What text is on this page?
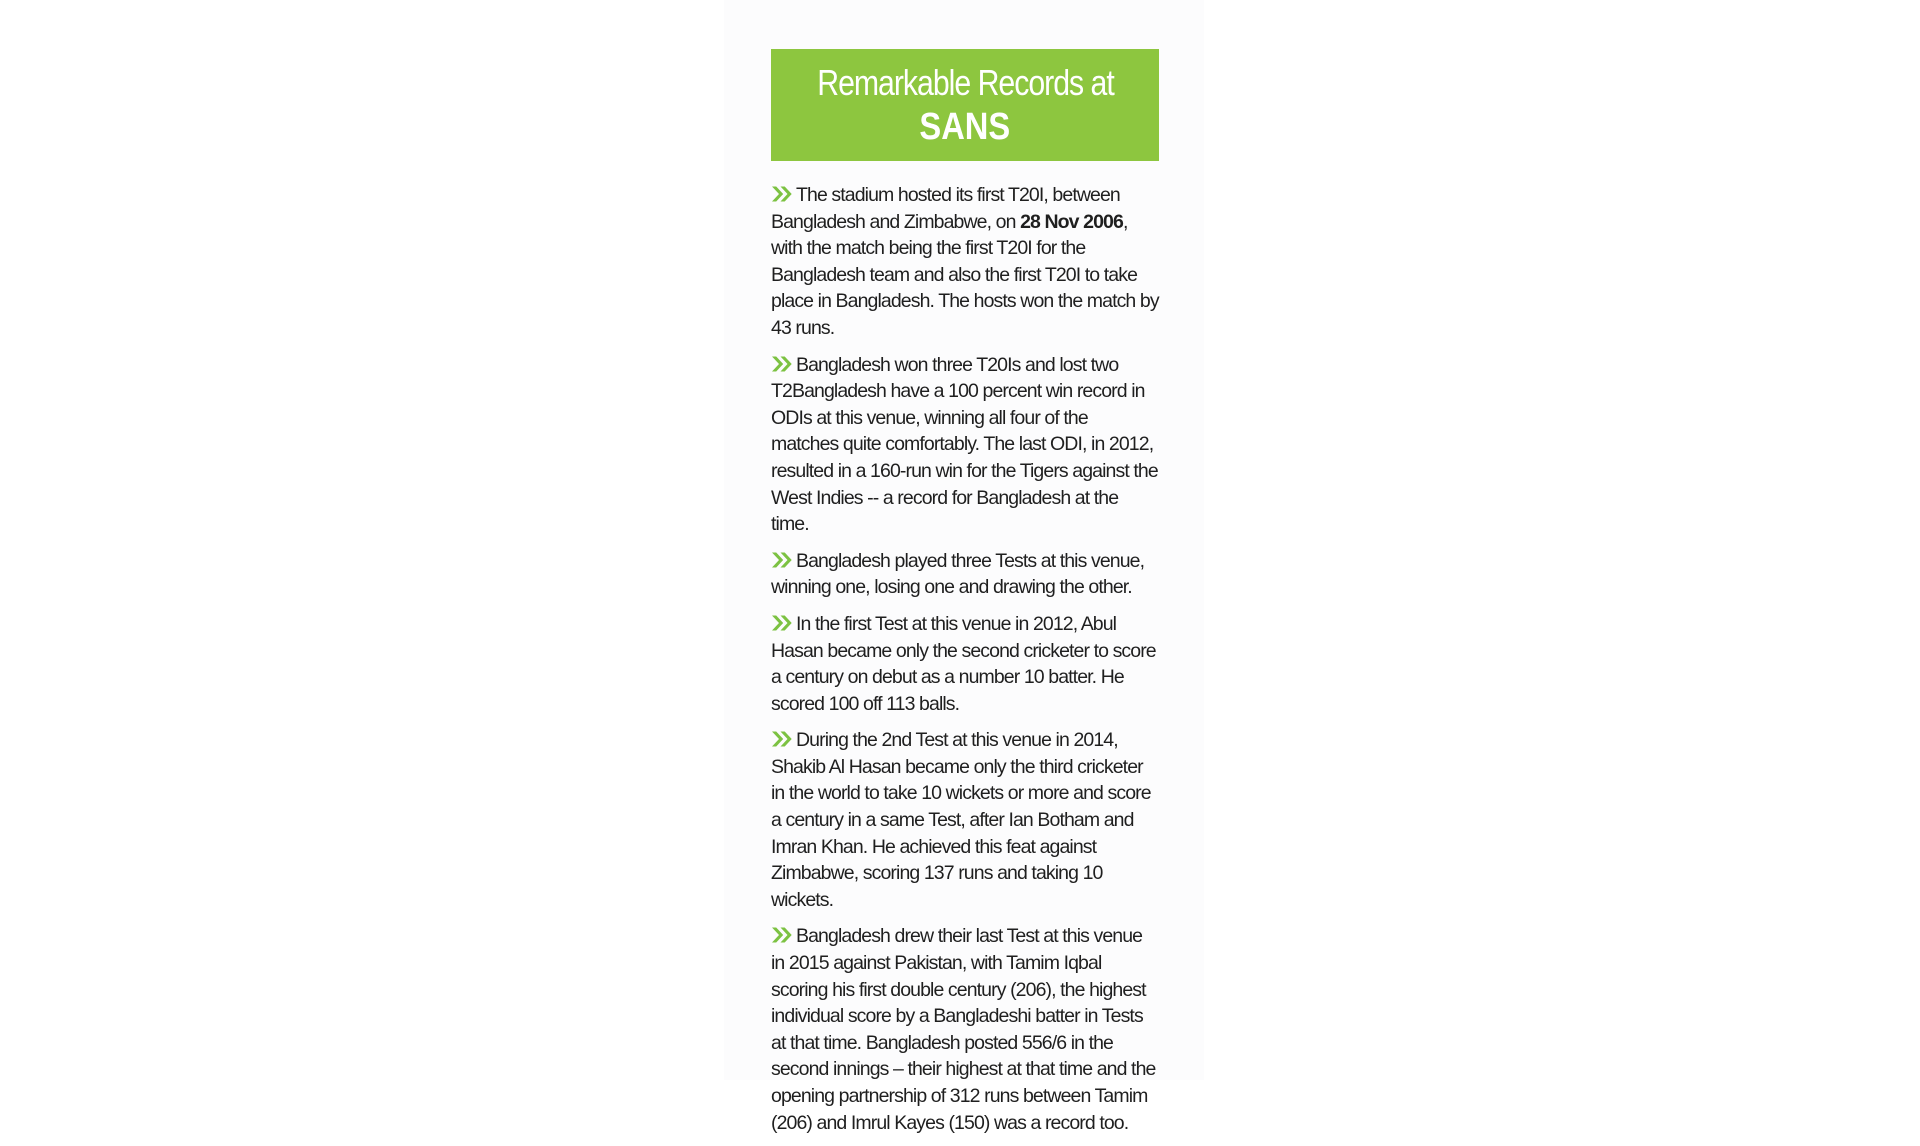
Remarkable Records at
SANS
The stadium hosted its first T20I, between Bangladesh and Zimbabwe, on 28 Nov 2006, with the match being the first T20I for the Bangladesh team and also the first T20I to take place in Bangladesh. The hosts won the match by 43 runs.
Bangladesh won three T20Is and lost two T2Bangladesh have a 100 percent win record in ODIs at this venue, winning all four of the matches quite comfortably. The last ODI, in 2012, resulted in a 160-run win for the Tigers against the West Indies -- a record for Bangladesh at the time.
Bangladesh played three Tests at this venue, winning one, losing one and drawing the other.
In the first Test at this venue in 2012, Abul Hasan became only the second cricketer to score a century on debut as a number 10 batter. He scored 100 off 113 balls.
During the 2nd Test at this venue in 2014, Shakib Al Hasan became only the third cricketer in the world to take 10 wickets or more and score a century in a same Test, after Ian Botham and Imran Khan. He achieved this feat against Zimbabwe, scoring 137 runs and taking 10 wickets.
Bangladesh drew their last Test at this venue in 2015 against Pakistan, with Tamim Iqbal scoring his first double century (206), the highest individual score by a Bangladeshi batter in Tests at that time. Bangladesh posted 556/6 in the second innings – their highest at that time and the opening partnership of 312 runs between Tamim (206) and Imrul Kayes (150) was a record too.
